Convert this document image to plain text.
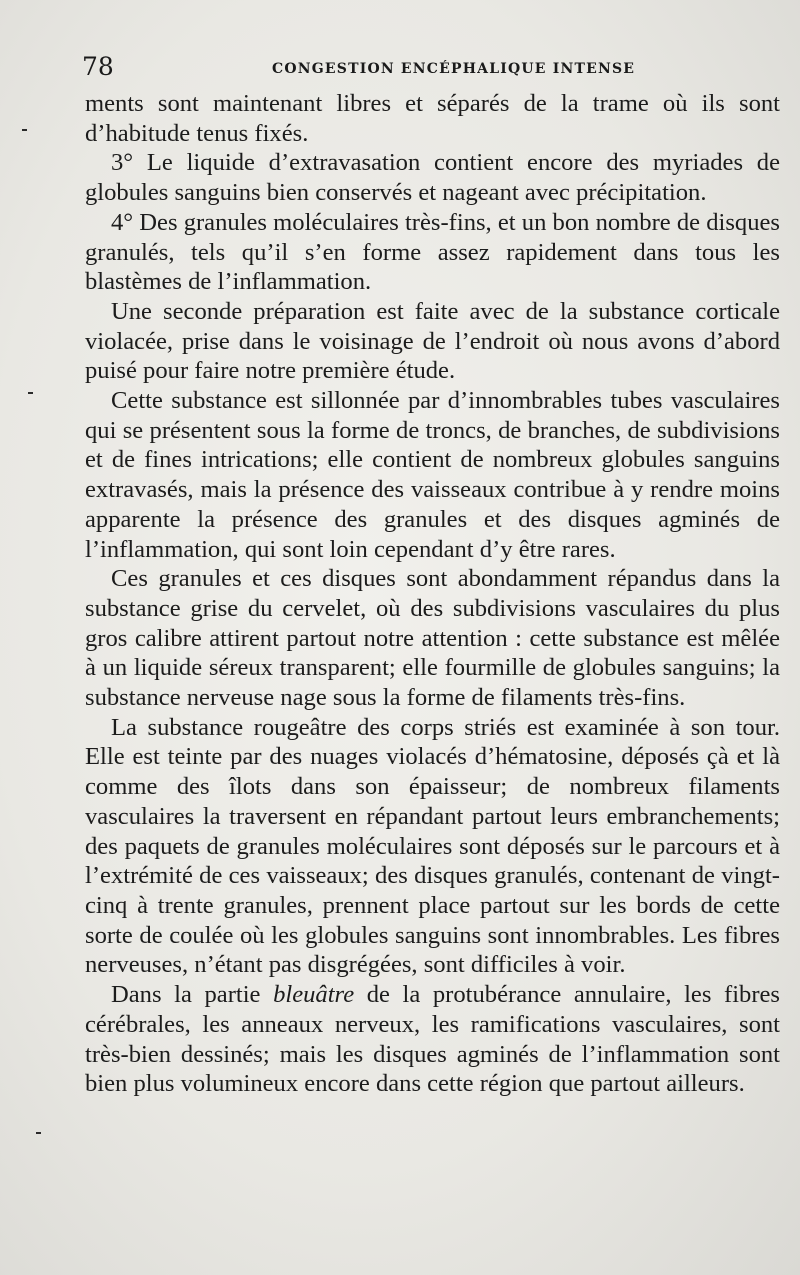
78	CONGESTION ENCÉPHALIQUE INTENSE

ments sont maintenant libres et séparés de la trame où ils sont d’habitude tenus fixés.

3° Le liquide d’extravasation contient encore des myriades de globules sanguins bien conservés et nageant avec précipitation.

4° Des granules moléculaires très-fins, et un bon nombre de disques granulés, tels qu’il s’en forme assez rapidement dans tous les blastèmes de l’inflammation.

Une seconde préparation est faite avec de la substance corticale violacée, prise dans le voisinage de l’endroit où nous avons d’abord puisé pour faire notre première étude.

Cette substance est sillonnée par d’innombrables tubes vasculaires qui se présentent sous la forme de troncs, de branches, de subdivisions et de fines intrications; elle contient de nombreux globules sanguins extravasés, mais la présence des vaisseaux contribue à y rendre moins apparente la présence des granules et des disques agminés de l’inflammation, qui sont loin cependant d’y être rares.

Ces granules et ces disques sont abondamment répandus dans la substance grise du cervelet, où des subdivisions vasculaires du plus gros calibre attirent partout notre attention : cette substance est mêlée à un liquide séreux transparent; elle fourmille de globules sanguins; la substance nerveuse nage sous la forme de filaments très-fins.

La substance rougeâtre des corps striés est examinée à son tour. Elle est teinte par des nuages violacés d’hématosine, déposés çà et là comme des îlots dans son épaisseur; de nombreux filaments vasculaires la traversent en répandant partout leurs embranchements; des paquets de granules moléculaires sont déposés sur le parcours et à l’extrémité de ces vaisseaux; des disques granulés, contenant de vingt-cinq à trente granules, prennent place partout sur les bords de cette sorte de coulée où les globules sanguins sont innombrables. Les fibres nerveuses, n’étant pas disgrégées, sont difficiles à voir.

Dans la partie bleuâtre de la protubérance annulaire, les fibres cérébrales, les anneaux nerveux, les ramifications vasculaires, sont très-bien dessinés; mais les disques agminés de l’inflammation sont bien plus volumineux encore dans cette région que partout ailleurs.
